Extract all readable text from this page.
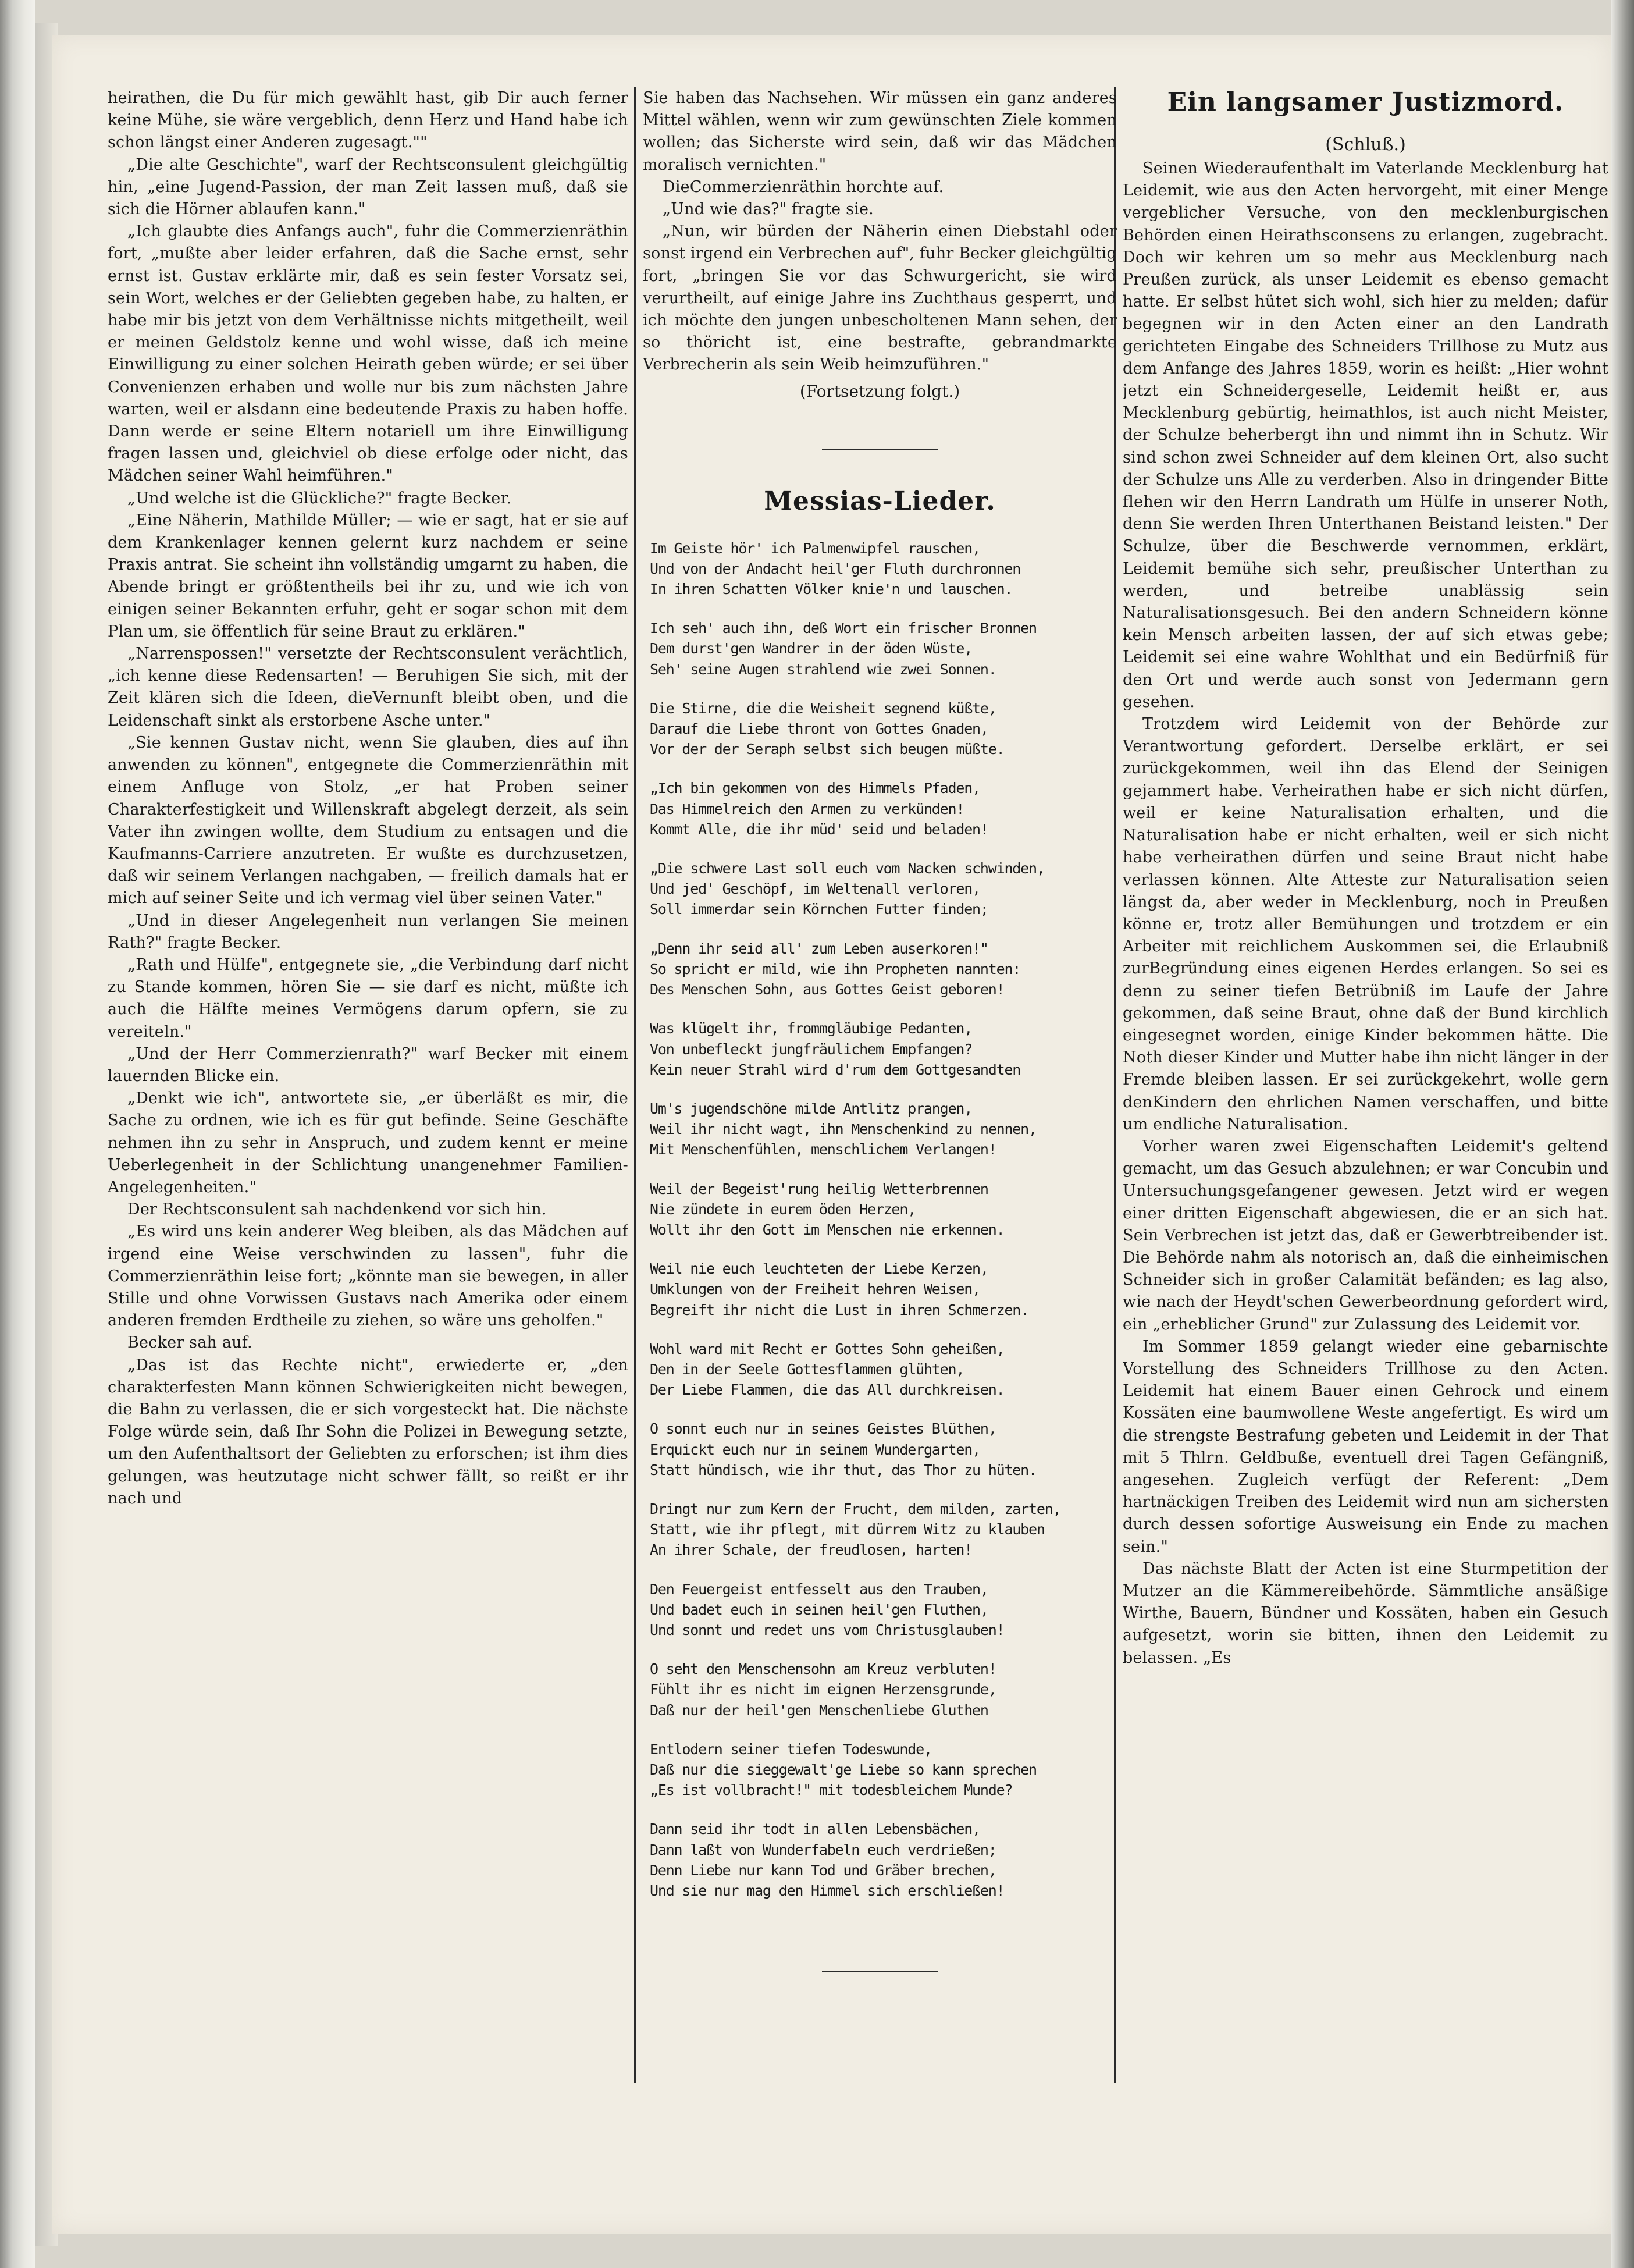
heirathen, die Du für mich gewählt hast, gib Dir auch ferner keine Mühe, sie wäre vergeblich, denn Herz und Hand habe ich schon längst einer Anderen zugesagt.""

„Die alte Geschichte", warf der Rechtsconsulent gleichgültig hin, „eine Jugend-Passion, der man Zeit lassen muß, daß sie sich die Hörner ablaufen kann."

„Ich glaubte dies Anfangs auch", fuhr die Commerzienräthin fort, „mußte aber leider erfahren, daß die Sache ernst, sehr ernst ist. Gustav erklärte mir, daß es sein fester Vorsatz sei, sein Wort, welches er der Geliebten gegeben habe, zu halten, er habe mir bis jetzt von dem Verhältnisse nichts mitgetheilt, weil er meinen Geldstolz kenne und wohl wisse, daß ich meine Einwilligung zu einer solchen Heirath geben würde; er sei über Convenienzen erhaben und wolle nur bis zum nächsten Jahre warten, weil er alsdann eine bedeutende Praxis zu haben hoffe. Dann werde er seine Eltern notariell um ihre Einwilligung fragen lassen und, gleichviel ob diese erfolge oder nicht, das Mädchen seiner Wahl heimführen."

„Und welche ist die Glückliche?" fragte Becker.

„Eine Näherin, Mathilde Müller; — wie er sagt, hat er sie auf dem Krankenlager kennen gelernt kurz nachdem er seine Praxis antrat. Sie scheint ihn vollständig umgarnt zu haben, die Abende bringt er größtentheils bei ihr zu, und wie ich von einigen seiner Bekannten erfuhr, geht er sogar schon mit dem Plan um, sie öffentlich für seine Braut zu erklären."

„Narrenspossen!" versetzte der Rechtsconsulent verächtlich, „ich kenne diese Redensarten! — Beruhigen Sie sich, mit der Zeit klären sich die Ideen, dieVernunft bleibt oben, und die Leidenschaft sinkt als erstorbene Asche unter."

„Sie kennen Gustav nicht, wenn Sie glauben, dies auf ihn anwenden zu können", entgegnete die Commerzienräthin mit einem Anfluge von Stolz, „er hat Proben seiner Charakterfestigkeit und Willenskraft abgelegt derzeit, als sein Vater ihn zwingen wollte, dem Studium zu entsagen und die Kaufmanns-Carriere anzutreten. Er wußte es durchzusetzen, daß wir seinem Verlangen nachgaben, — freilich damals hat er mich auf seiner Seite und ich vermag viel über seinen Vater."

„Und in dieser Angelegenheit nun verlangen Sie meinen Rath?" fragte Becker.

„Rath und Hülfe", entgegnete sie, „die Verbindung darf nicht zu Stande kommen, hören Sie — sie darf es nicht, müßte ich auch die Hälfte meines Vermögens darum opfern, sie zu vereiteln."

„Und der Herr Commerzienrath?" warf Becker mit einem lauernden Blicke ein.

„Denkt wie ich", antwortete sie, „er überläßt es mir, die Sache zu ordnen, wie ich es für gut befinde. Seine Geschäfte nehmen ihn zu sehr in Anspruch, und zudem kennt er meine Ueberlegenheit in der Schlichtung unangenehmer Familien-Angelegenheiten."

Der Rechtsconsulent sah nachdenkend vor sich hin.

„Es wird uns kein anderer Weg bleiben, als das Mädchen auf irgend eine Weise verschwinden zu lassen", fuhr die Commerzienräthin leise fort; „könnte man sie bewegen, in aller Stille und ohne Vorwissen Gustavs nach Amerika oder einem anderen fremden Erdtheile zu ziehen, so wäre uns geholfen."

Becker sah auf.

„Das ist das Rechte nicht", erwiederte er, „den charakterfesten Mann können Schwierigkeiten nicht bewegen, die Bahn zu verlassen, die er sich vorgesteckt hat. Die nächste Folge würde sein, daß Ihr Sohn die Polizei in Bewegung setzte, um den Aufenthaltsort der Geliebten zu erforschen; ist ihm dies gelungen, was heutzutage nicht schwer fällt, so reißt er ihr nach und

Sie haben das Nachsehen. Wir müssen ein ganz anderes Mittel wählen, wenn wir zum gewünschten Ziele kommen wollen; das Sicherste wird sein, daß wir das Mädchen moralisch vernichten."

DieCommerzienräthin horchte auf.

„Und wie das?" fragte sie.

„Nun, wir bürden der Näherin einen Diebstahl oder sonst irgend ein Verbrechen auf", fuhr Becker gleichgültig fort, „bringen Sie vor das Schwurgericht, sie wird verurtheilt, auf einige Jahre ins Zuchthaus gesperrt, und ich möchte den jungen unbescholtenen Mann sehen, der so thöricht ist, eine bestrafte, gebrandmarkte Verbrecherin als sein Weib heimzuführen."

(Fortsetzung folgt.)
Messias-Lieder.
Im Geiste hör' ich Palmenwipfel rauschen,
Und von der Andacht heil'ger Fluth durchronnen
In ihren Schatten Völker knie'n und lauschen.
Ich seh' auch ihn, deß Wort ein frischer Bronnen
Dem durst'gen Wandrer in der öden Wüste,
Seh' seine Augen strahlend wie zwei Sonnen.
Die Stirne, die die Weisheit segnend küßte,
Darauf die Liebe thront von Gottes Gnaden,
Vor der der Seraph selbst sich beugen müßte.
„Ich bin gekommen von des Himmels Pfaden,
Das Himmelreich den Armen zu verkünden!
Kommt Alle, die ihr müd' seid und beladen!
„Die schwere Last soll euch vom Nacken schwinden,
Und jed' Geschöpf, im Weltenall verloren,
Soll immerdar sein Körnchen Futter finden;
„Denn ihr seid all' zum Leben auserkoren!"
So spricht er mild, wie ihn Propheten nannten:
Des Menschen Sohn, aus Gottes Geist geboren!
Was klügelt ihr, frommgläubige Pedanten,
Von unbefleckt jungfräulichem Empfangen?
Kein neuer Strahl wird d'rum dem Gottgesandten
Um's jugendschöne milde Antlitz prangen,
Weil ihr nicht wagt, ihn Menschenkind zu nennen,
Mit Menschenfühlen, menschlichem Verlangen!
Weil der Begeist'rung heilig Wetterbrennen
Nie zündete in eurem öden Herzen,
Wollt ihr den Gott im Menschen nie erkennen.
Weil nie euch leuchteten der Liebe Kerzen,
Umklungen von der Freiheit hehren Weisen,
Begreift ihr nicht die Lust in ihren Schmerzen.
Wohl ward mit Recht er Gottes Sohn geheißen,
Den in der Seele Gottesflammen glühten,
Der Liebe Flammen, die das All durchkreisen.
O sonnt euch nur in seines Geistes Blüthen,
Erquickt euch nur in seinem Wundergarten,
Statt hündisch, wie ihr thut, das Thor zu hüten.
Dringt nur zum Kern der Frucht, dem milden, zarten,
Statt, wie ihr pflegt, mit dürrem Witz zu klauben
An ihrer Schale, der freudlosen, harten!
Den Feuergeist entfesselt aus den Trauben,
Und badet euch in seinen heil'gen Fluthen,
Und sonnt und redet uns vom Christusglauben!
O seht den Menschensohn am Kreuz verbluten!
Fühlt ihr es nicht im eignen Herzensgrunde,
Daß nur der heil'gen Menschenliebe Gluthen
Entlodern seiner tiefen Todeswunde,
Daß nur die sieggewalt'ge Liebe so kann sprechen
„Es ist vollbracht!" mit todesbleichem Munde?
Dann seid ihr todt in allen Lebensbächen,
Dann laßt von Wunderfabeln euch verdrießen;
Denn Liebe nur kann Tod und Gräber brechen,
Und sie nur mag den Himmel sich erschließen!
Ein langsamer Justizmord.
(Schluß.)

Seinen Wiederaufenthalt im Vaterlande Mecklenburg hat Leidemit, wie aus den Acten hervorgeht, mit einer Menge vergeblicher Versuche, von den mecklenburgischen Behörden einen Heirathsconsens zu erlangen, zugebracht. Doch wir kehren um so mehr aus Mecklenburg nach Preußen zurück, als unser Leidemit es ebenso gemacht hatte. Er selbst hütet sich wohl, sich hier zu melden; dafür begegnen wir in den Acten einer an den Landrath gerichteten Eingabe des Schneiders Trillhose zu Mutz aus dem Anfange des Jahres 1859, worin es heißt: „Hier wohnt jetzt ein Schneidergeselle, Leidemit heißt er, aus Mecklenburg gebürtig, heimathlos, ist auch nicht Meister, der Schulze beherbergt ihn und nimmt ihn in Schutz. Wir sind schon zwei Schneider auf dem kleinen Ort, also sucht der Schulze uns Alle zu verderben. Also in dringender Bitte flehen wir den Herrn Landrath um Hülfe in unserer Noth, denn Sie werden Ihren Unterthanen Beistand leisten." Der Schulze, über die Beschwerde vernommen, erklärt, Leidemit bemühe sich sehr, preußischer Unterthan zu werden, und betreibe unablässig sein Naturalisationsgesuch. Bei den andern Schneidern könne kein Mensch arbeiten lassen, der auf sich etwas gebe; Leidemit sei eine wahre Wohlthat und ein Bedürfniß für den Ort und werde auch sonst von Jedermann gern gesehen.

Trotzdem wird Leidemit von der Behörde zur Verantwortung gefordert. Derselbe erklärt, er sei zurückgekommen, weil ihn das Elend der Seinigen gejammert habe. Verheirathen habe er sich nicht dürfen, weil er keine Naturalisation erhalten, und die Naturalisation habe er nicht erhalten, weil er sich nicht habe verheirathen dürfen und seine Braut nicht habe verlassen können. Alte Atteste zur Naturalisation seien längst da, aber weder in Mecklenburg, noch in Preußen könne er, trotz aller Bemühungen und trotzdem er ein Arbeiter mit reichlichem Auskommen sei, die Erlaubniß zurBegründung eines eigenen Herdes erlangen. So sei es denn zu seiner tiefen Betrübniß im Laufe der Jahre gekommen, daß seine Braut, ohne daß der Bund kirchlich eingesegnet worden, einige Kinder bekommen hätte. Die Noth dieser Kinder und Mutter habe ihn nicht länger in der Fremde bleiben lassen. Er sei zurückgekehrt, wolle gern denKindern den ehrlichen Namen verschaffen, und bitte um endliche Naturalisation.

Vorher waren zwei Eigenschaften Leidemit's geltend gemacht, um das Gesuch abzulehnen; er war Concubin und Untersuchungsgefangener gewesen. Jetzt wird er wegen einer dritten Eigenschaft abgewiesen, die er an sich hat. Sein Verbrechen ist jetzt das, daß er Gewerbtreibender ist. Die Behörde nahm als notorisch an, daß die einheimischen Schneider sich in großer Calamität befänden; es lag also, wie nach der Heydt'schen Gewerbeordnung gefordert wird, ein „erheblicher Grund" zur Zulassung des Leidemit vor.

Im Sommer 1859 gelangt wieder eine gebarnischte Vorstellung des Schneiders Trillhose zu den Acten. Leidemit hat einem Bauer einen Gehrock und einem Kossäten eine baumwollene Weste angefertigt. Es wird um die strengste Bestrafung gebeten und Leidemit in der That mit 5 Thlrn. Geldbuße, eventuell drei Tagen Gefängniß, angesehen. Zugleich verfügt der Referent: „Dem hartnäckigen Treiben des Leidemit wird nun am sichersten durch dessen sofortige Ausweisung ein Ende zu machen sein."

Das nächste Blatt der Acten ist eine Sturmpetition der Mutzer an die Kämmereibehörde. Sämmtliche ansäßige Wirthe, Bauern, Bündner und Kossäten, haben ein Gesuch aufgesetzt, worin sie bitten, ihnen den Leidemit zu belassen. „Es
